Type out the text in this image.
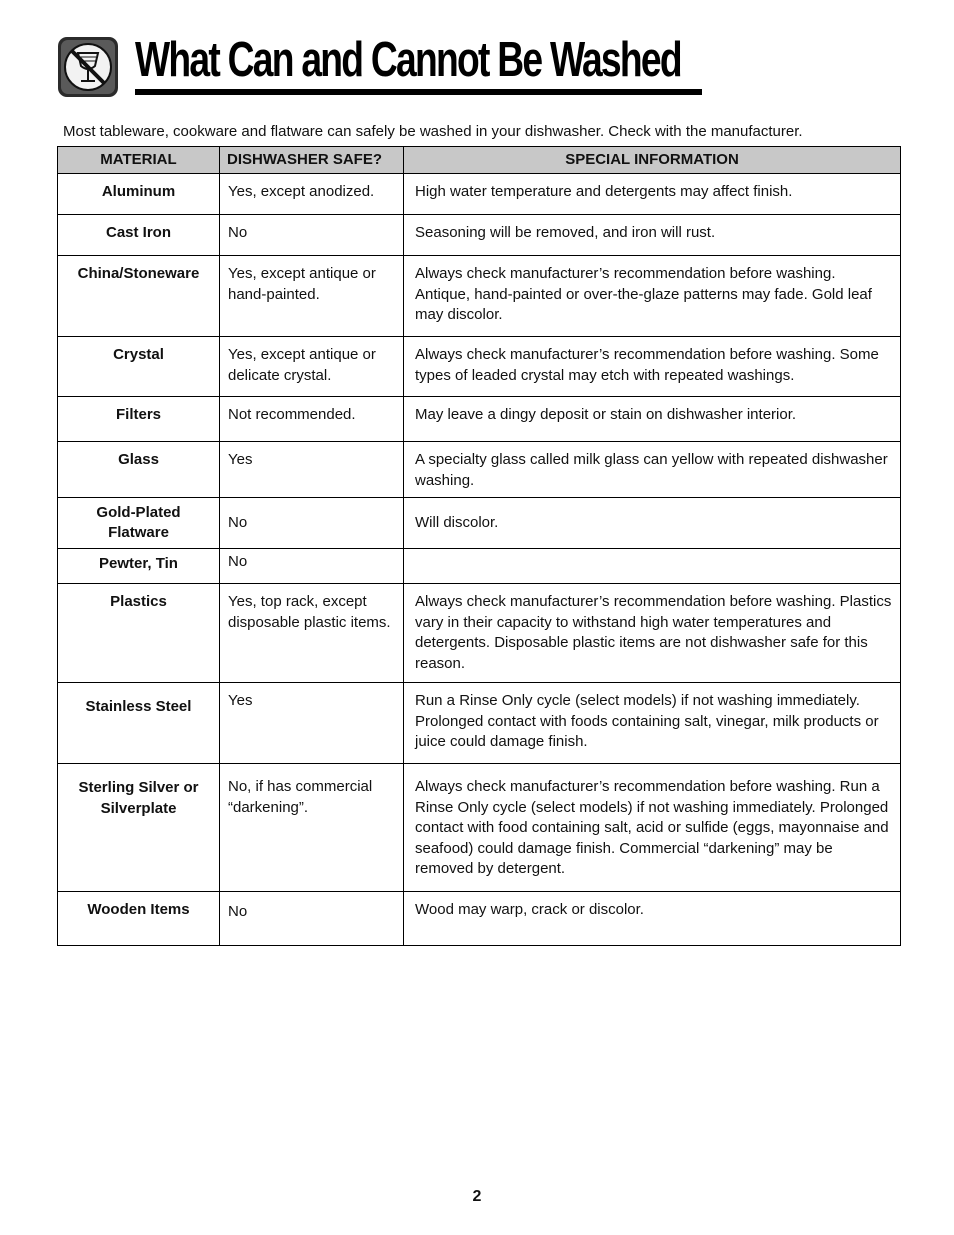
What Can and Cannot Be Washed
Most tableware, cookware and flatware can safely be washed in your dishwasher. Check with the manufacturer.
MATERIAL	DISHWASHER SAFE?	SPECIAL INFORMATION
Aluminum	Yes, except anodized.	High water temperature and detergents may affect finish.
Cast Iron	No	Seasoning will be removed, and iron will rust.
China/Stoneware	Yes, except antique or hand-painted.	Always check manufacturer’s recommendation before washing. Antique, hand-painted or over-the-glaze patterns may fade. Gold leaf may discolor.
Crystal	Yes, except antique or delicate crystal.	Always check manufacturer’s recommendation before washing. Some types of leaded crystal may etch with repeated washings.
Filters	Not recommended.	May leave a dingy deposit or stain on dishwasher interior.
Glass	Yes	A specialty glass called milk glass can yellow with repeated dishwasher washing.
Gold-Plated Flatware	No	Will discolor.
Pewter, Tin	No	
Plastics	Yes, top rack, except disposable plastic items.	Always check manufacturer’s recommendation before washing. Plastics vary in their capacity to withstand high water temperatures and detergents. Disposable plastic items are not dishwasher safe for this reason.
Stainless Steel	Yes	Run a Rinse Only cycle (select models) if not washing immediately. Prolonged contact with foods containing salt, vinegar, milk products or juice could damage finish.
Sterling Silver or Silverplate	No, if has commercial “darkening”.	Always check manufacturer’s recommendation before washing. Run a Rinse Only cycle (select models) if not washing immediately. Prolonged contact with food containing salt, acid or sulfide (eggs, mayonnaise and seafood) could damage finish. Commercial “darkening” may be removed by detergent.
Wooden Items	No	Wood may warp, crack or discolor.
2
